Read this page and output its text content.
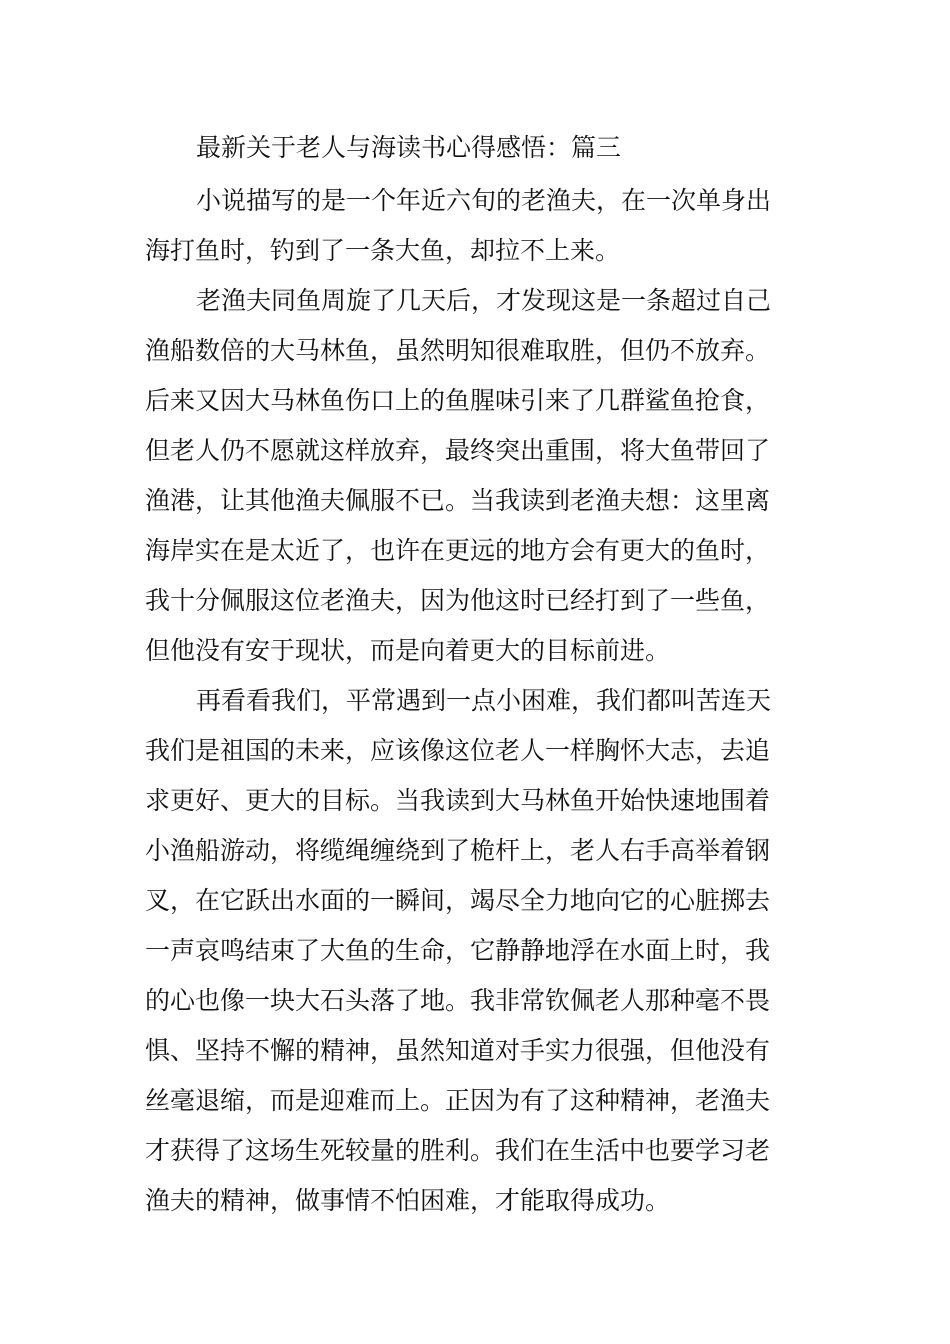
最新关于老人与海读书心得感悟：篇三
小说描写的是一个年近六旬的老渔夫，在一次单身出
海打鱼时，钓到了一条大鱼，却拉不上来。
老渔夫同鱼周旋了几天后，才发现这是一条超过自己
渔船数倍的大马林鱼，虽然明知很难取胜，但仍不放弃。
后来又因大马林鱼伤口上的鱼腥味引来了几群鲨鱼抢食，
但老人仍不愿就这样放弃，最终突出重围，将大鱼带回了
渔港，让其他渔夫佩服不已。当我读到老渔夫想：这里离
海岸实在是太近了，也许在更远的地方会有更大的鱼时，
我十分佩服这位老渔夫，因为他这时已经打到了一些鱼，
但他没有安于现状，而是向着更大的目标前进。
再看看我们，平常遇到一点小困难，我们都叫苦连天
我们是祖国的未来，应该像这位老人一样胸怀大志，去追
求更好、更大的目标。当我读到大马林鱼开始快速地围着
小渔船游动，将缆绳缠绕到了桅杆上，老人右手高举着钢
叉，在它跃出水面的一瞬间，竭尽全力地向它的心脏掷去
一声哀鸣结束了大鱼的生命，它静静地浮在水面上时，我
的心也像一块大石头落了地。我非常钦佩老人那种毫不畏
惧、坚持不懈的精神，虽然知道对手实力很强，但他没有
丝毫退缩，而是迎难而上。正因为有了这种精神，老渔夫
才获得了这场生死较量的胜利。我们在生活中也要学习老
渔夫的精神，做事情不怕困难，才能取得成功。
